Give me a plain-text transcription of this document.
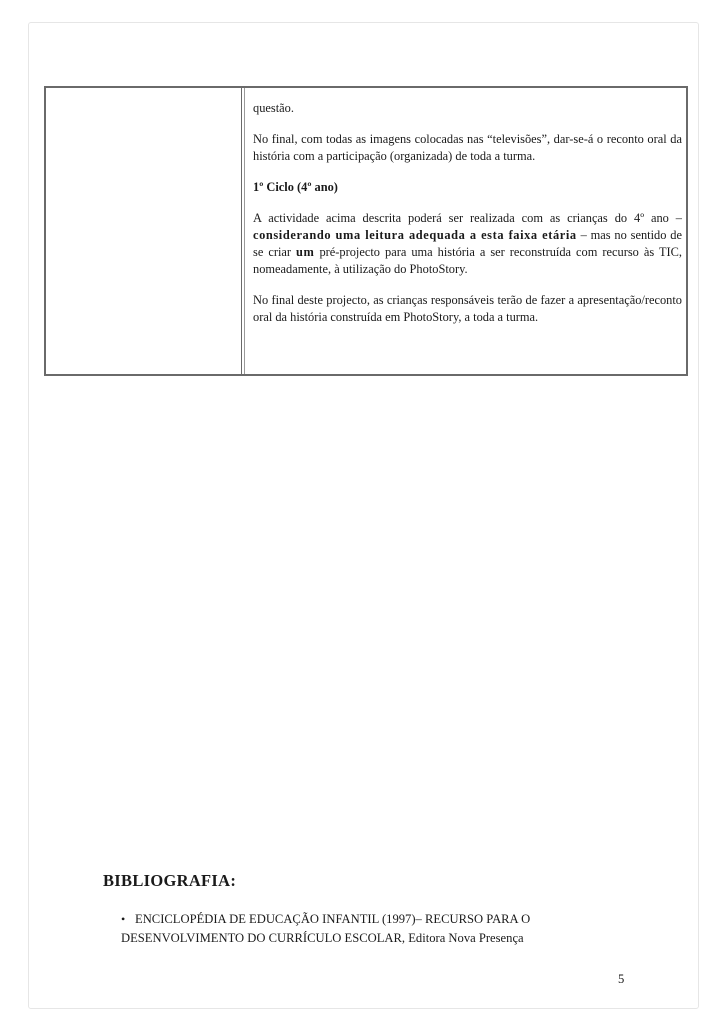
questão.

No final, com todas as imagens colocadas nas “televisões”, dar-se-á o reconto oral da história com a participação (organizada) de toda a turma.

1º Ciclo (4º ano)

A actividade acima descrita poderá ser realizada com as crianças do 4º ano – considerando uma leitura adequada a esta faixa etária – mas no sentido de se criar um pré-projecto para uma história a ser reconstruída com recurso às TIC, nomeadamente, à utilização do PhotoStory.

No final deste projecto, as crianças responsáveis terão de fazer a apresentação/reconto oral da história construída em PhotoStory, a toda a turma.

BIBLIOGRAFIA:
• ENCICLOPÉDIA DE EDUCAÇÃO INFANTIL (1997)– RECURSO PARA O DESENVOLVIMENTO DO CURRÍCULO ESCOLAR, Editora Nova Presença
5
